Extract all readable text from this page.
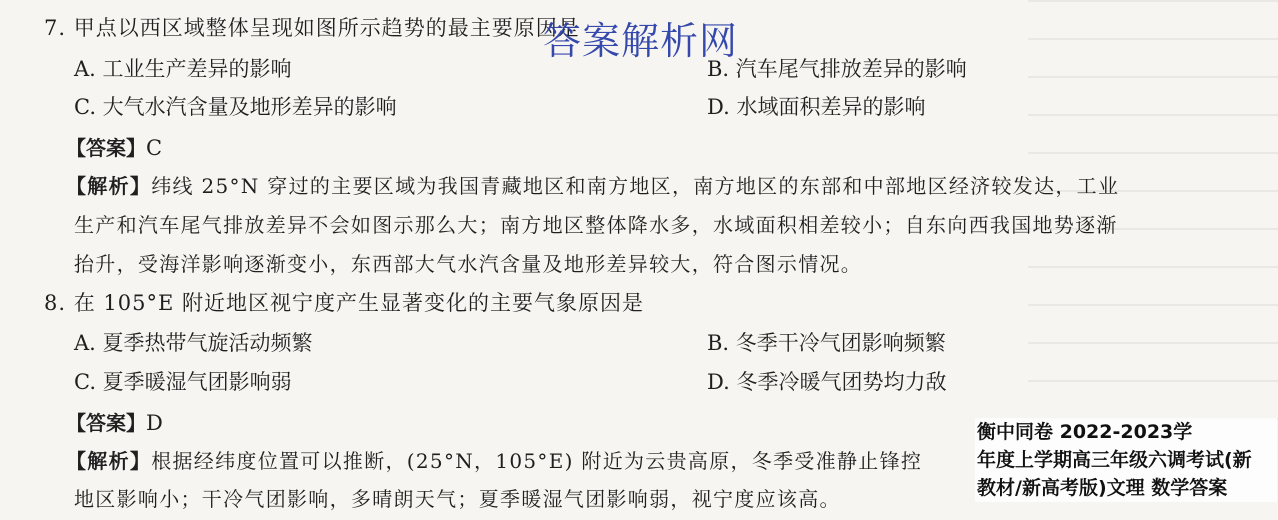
7. 甲点以西区域整体呈现如图所示趋势的最主要原因是
A. 工业生产差异的影响	B. 汽车尾气排放差异的影响
C. 大气水汽含量及地形差异的影响	D. 水域面积差异的影响
【答案】C
【解析】纬线 25°N 穿过的主要区域为我国青藏地区和南方地区，南方地区的东部和中部地区经济较发达，工业
生产和汽车尾气排放差异不会如图示那么大；南方地区整体降水多，水域面积相差较小；自东向西我国地势逐渐
抬升，受海洋影响逐渐变小，东西部大气水汽含量及地形差异较大，符合图示情况。
8. 在 105°E 附近地区视宁度产生显著变化的主要气象原因是
A. 夏季热带气旋活动频繁	B. 冬季干冷气团影响频繁
C. 夏季暖湿气团影响弱	D. 冬季冷暖气团势均力敌
【答案】D
【解析】根据经纬度位置可以推断，(25°N，105°E) 附近为云贵高原，冬季受准静止锋控
地区影响小；干冷气团影响，多晴朗天气；夏季暖湿气团影响弱，视宁度应该高。
答案解析网
衡中同卷 2022-2023学
年度上学期高三年级六调考试(新
教材/新高考版)文理 数学答案
